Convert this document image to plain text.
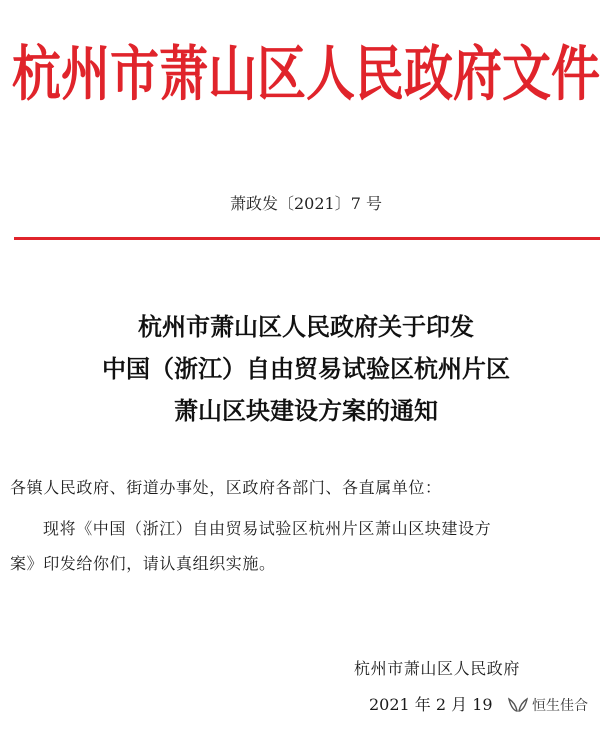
杭州市萧山区人民政府文件
萧政发〔2021〕7 号
杭州市萧山区人民政府关于印发
中国（浙江）自由贸易试验区杭州片区
萧山区块建设方案的通知
各镇人民政府、街道办事处，区政府各部门、各直属单位：
现将《中国（浙江）自由贸易试验区杭州片区萧山区块建设方
案》印发给你们，请认真组织实施。
杭州市萧山区人民政府
2021 年 2 月 19	恒生佳合
